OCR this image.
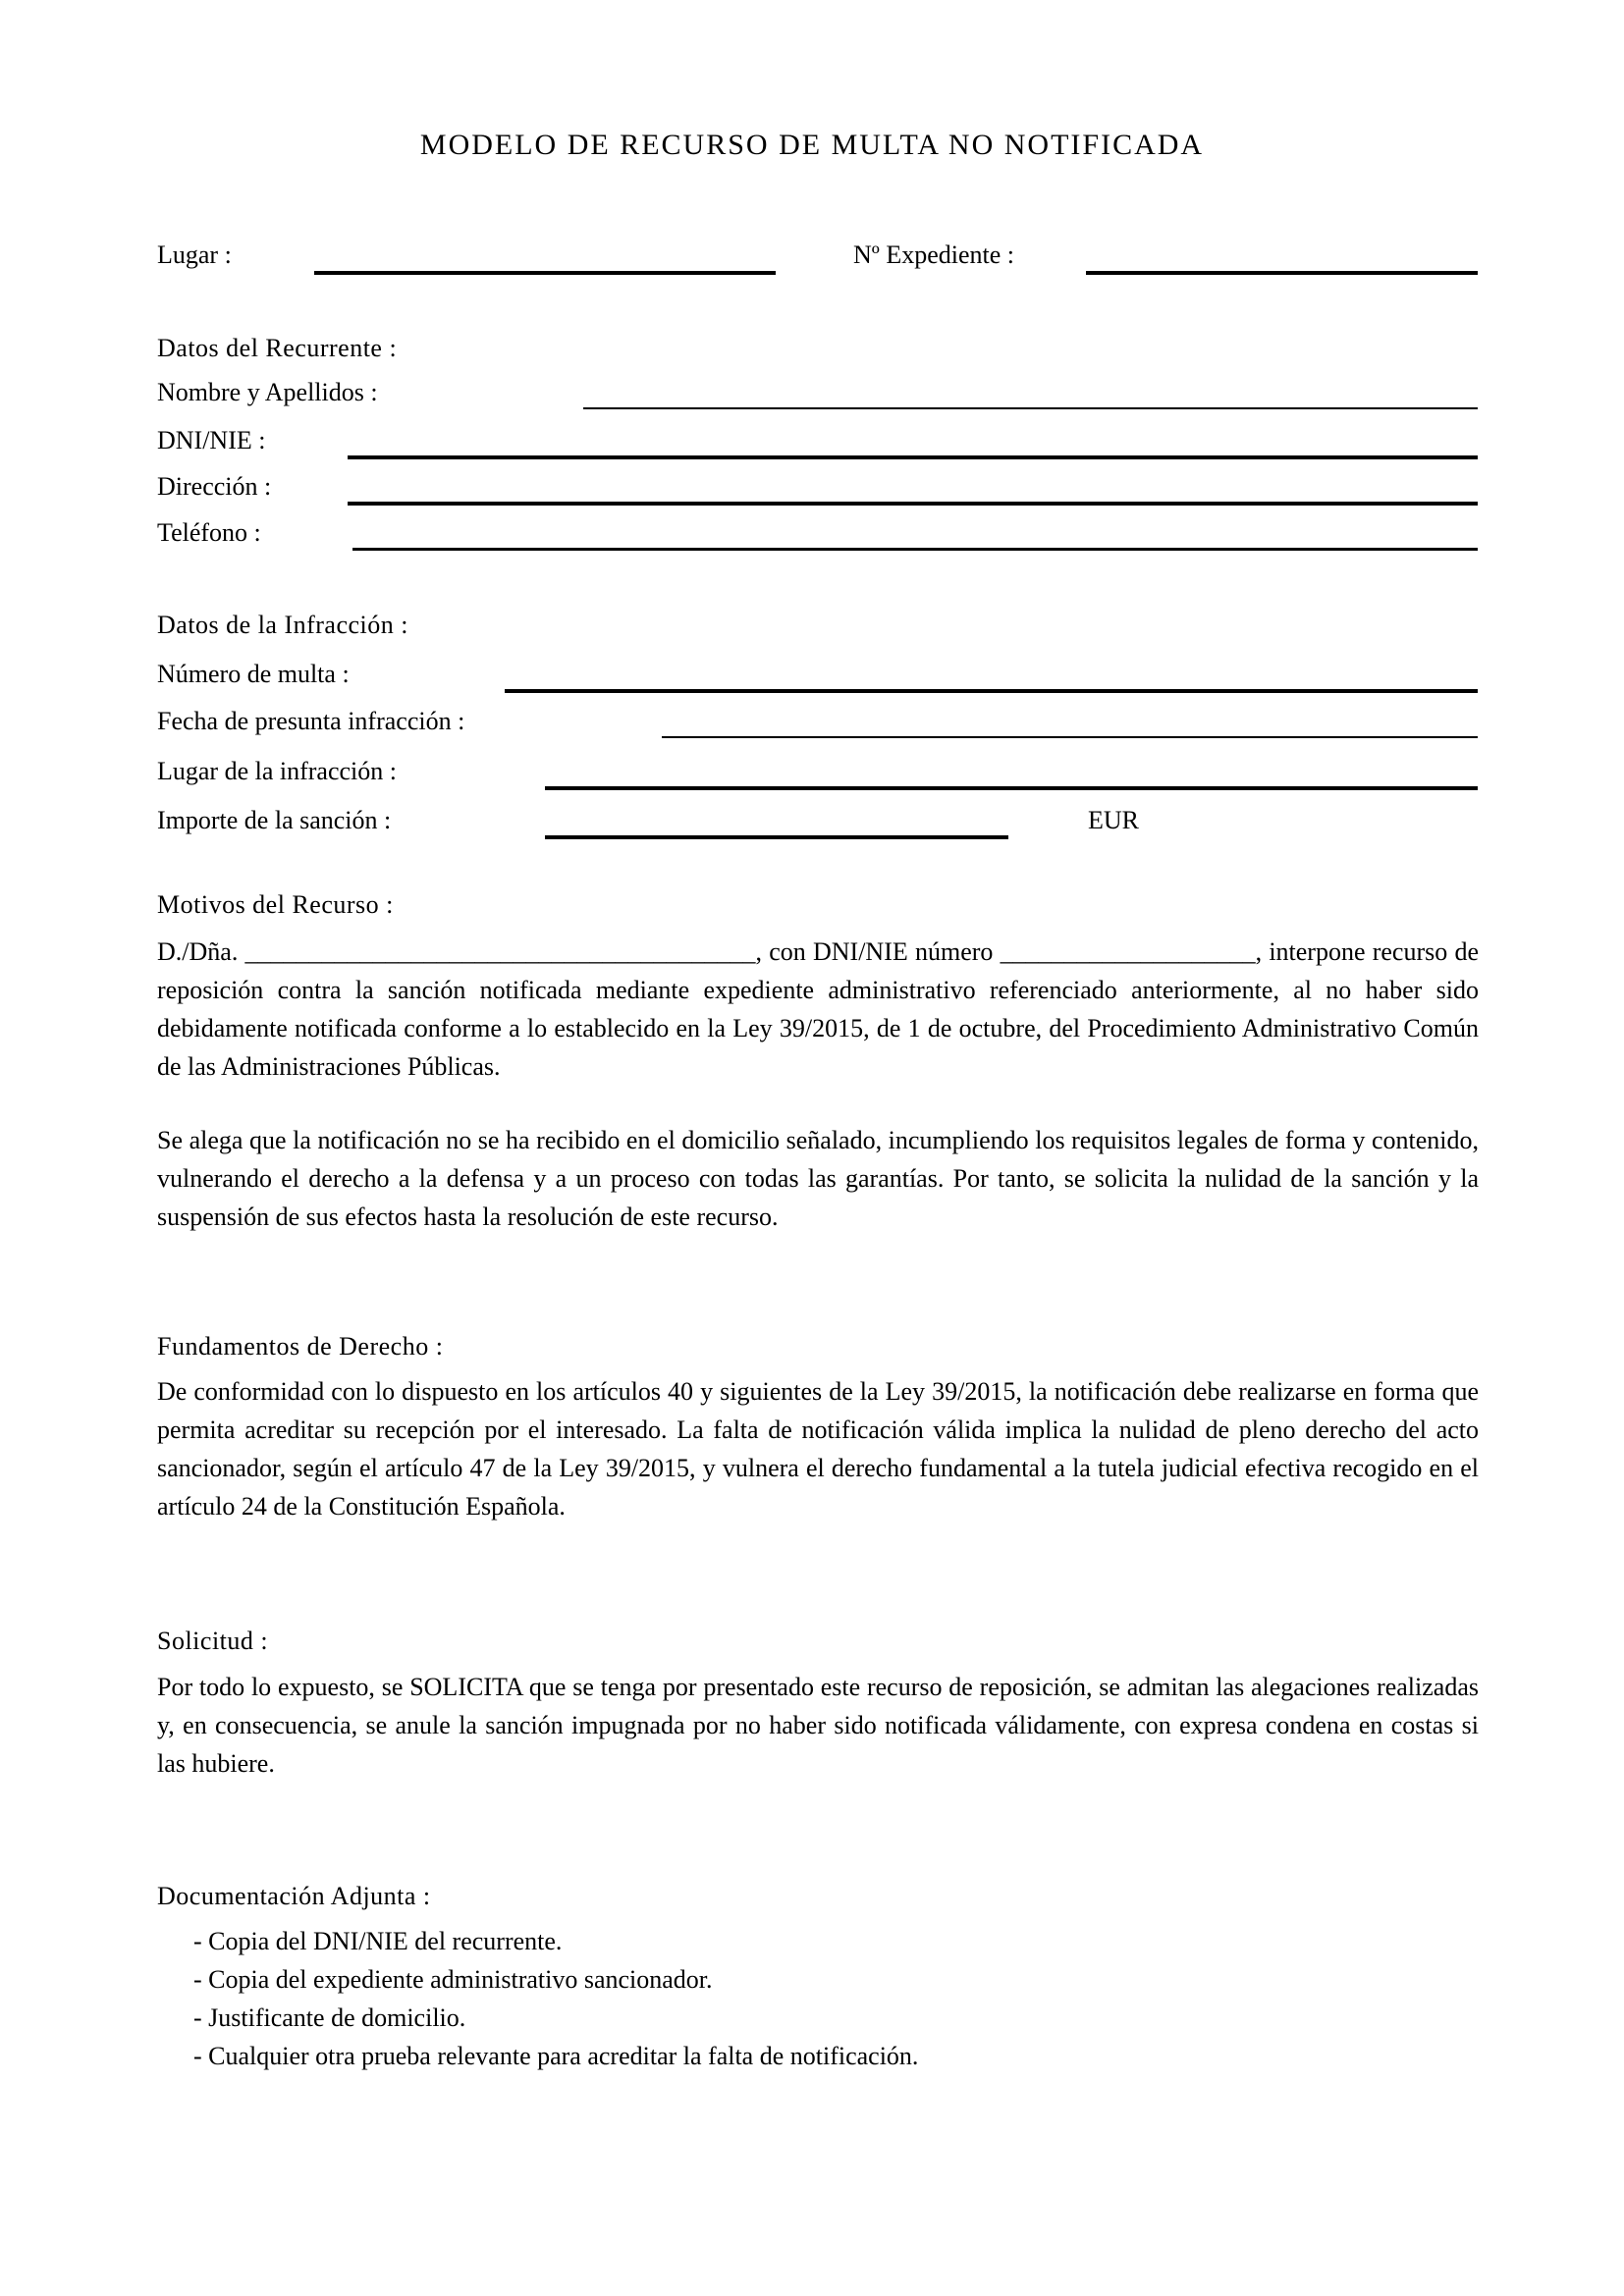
MODELO DE RECURSO DE MULTA NO NOTIFICADA
Lugar :	Nº Expediente :
Datos del Recurrente :
Nombre y Apellidos :
DNI/NIE :
Dirección :
Teléfono :
Datos de la Infracción :
Número de multa :
Fecha de presunta infracción :
Lugar de la infracción :
Importe de la sanción :	EUR
Motivos del Recurso :
D./Dña. ________________________________________, con DNI/NIE número ____________________, interpone recurso de reposición contra la sanción notificada mediante expediente administrativo referenciado anteriormente, al no haber sido debidamente notificada conforme a lo establecido en la Ley 39/2015, de 1 de octubre, del Procedimiento Administrativo Común de las Administraciones Públicas.
Se alega que la notificación no se ha recibido en el domicilio señalado, incumpliendo los requisitos legales de forma y contenido, vulnerando el derecho a la defensa y a un proceso con todas las garantías. Por tanto, se solicita la nulidad de la sanción y la suspensión de sus efectos hasta la resolución de este recurso.
Fundamentos de Derecho :
De conformidad con lo dispuesto en los artículos 40 y siguientes de la Ley 39/2015, la notificación debe realizarse en forma que permita acreditar su recepción por el interesado. La falta de notificación válida implica la nulidad de pleno derecho del acto sancionador, según el artículo 47 de la Ley 39/2015, y vulnera el derecho fundamental a la tutela judicial efectiva recogido en el artículo 24 de la Constitución Española.
Solicitud :
Por todo lo expuesto, se SOLICITA que se tenga por presentado este recurso de reposición, se admitan las alegaciones realizadas y, en consecuencia, se anule la sanción impugnada por no haber sido notificada válidamente, con expresa condena en costas si las hubiere.
Documentación Adjunta :
- Copia del DNI/NIE del recurrente.
- Copia del expediente administrativo sancionador.
- Justificante de domicilio.
- Cualquier otra prueba relevante para acreditar la falta de notificación.
